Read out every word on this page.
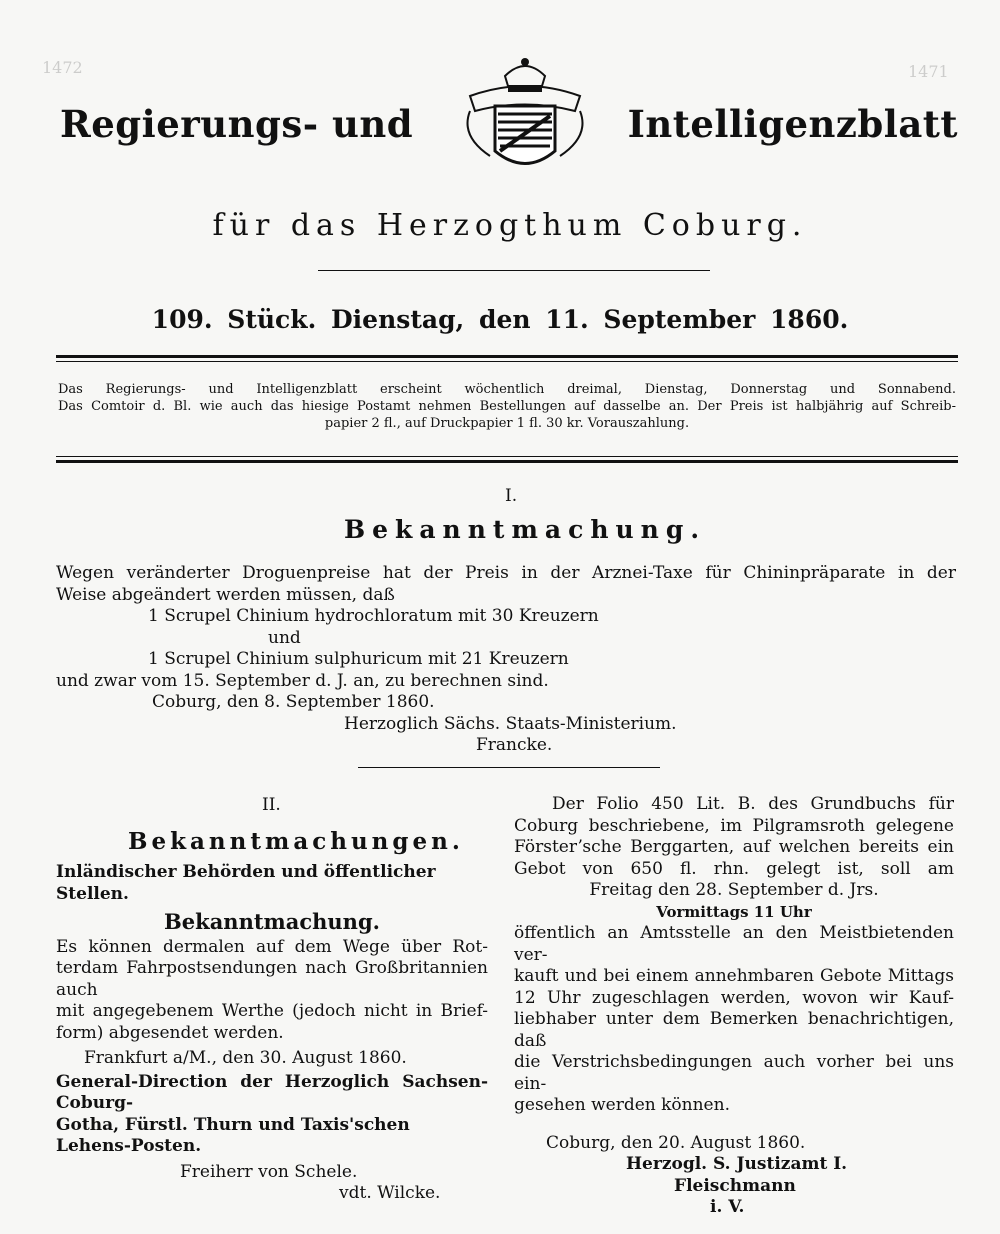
1472	1471
Regierungs- und	Intelligenzblatt
für das Herzogthum Coburg.
109. Stück. Dienstag, den 11. September 1860.

Das Regierungs- und Intelligenzblatt erscheint wöchentlich dreimal, Dienstag, Donnerstag und Sonnabend.

Das Comtoir d. Bl. wie auch das hiesige Postamt nehmen Bestellungen auf dasselbe an. Der Preis ist halbjährig auf Schreib-

papier 2 fl., auf Druckpapier 1 fl. 30 kr. Vorauszahlung.

I.
Bekanntmachung.

Wegen veränderter Droguenpreise hat der Preis in der Arznei-Taxe für Chininpräparate in der

Weise abgeändert werden müssen, daß

1 Scrupel Chinium hydrochloratum mit 30 Kreuzern

und

1 Scrupel Chinium sulphuricum mit 21 Kreuzern

und zwar vom 15. September d. J. an, zu berechnen sind.

Coburg, den 8. September 1860.

Herzoglich Sächs. Staats-Ministerium.

Francke.

II.
Bekanntmachungen.

Inländischer Behörden und öffentlicher Stellen.

Bekanntmachung.

Es können dermalen auf dem Wege über Rot-

terdam Fahrpostsendungen nach Großbritannien auch

mit angegebenem Werthe (jedoch nicht in Brief-

form) abgesendet werden.

Frankfurt a/M., den 30. August 1860.

General-Direction der Herzoglich Sachsen-Coburg-

Gotha, Fürstl. Thurn und Taxis'schen Lehens-Posten.

Freiherr von Schele.

vdt. Wilcke.

Der Folio 450 Lit. B. des Grundbuchs für

Coburg beschriebene, im Pilgramsroth gelegene

Försterʼsche Berggarten, auf welchen bereits ein

Gebot von 650 fl. rhn. gelegt ist, soll am

Freitag den 28. September d. Jrs.

Vormittags 11 Uhr

öffentlich an Amtsstelle an den Meistbietenden ver-

kauft und bei einem annehmbaren Gebote Mittags

12 Uhr zugeschlagen werden, wovon wir Kauf-

liebhaber unter dem Bemerken benachrichtigen, daß

die Verstrichsbedingungen auch vorher bei uns ein-

gesehen werden können.

Coburg, den 20. August 1860.

Herzogl. S. Justizamt I.

Fleischmann

i. V.
